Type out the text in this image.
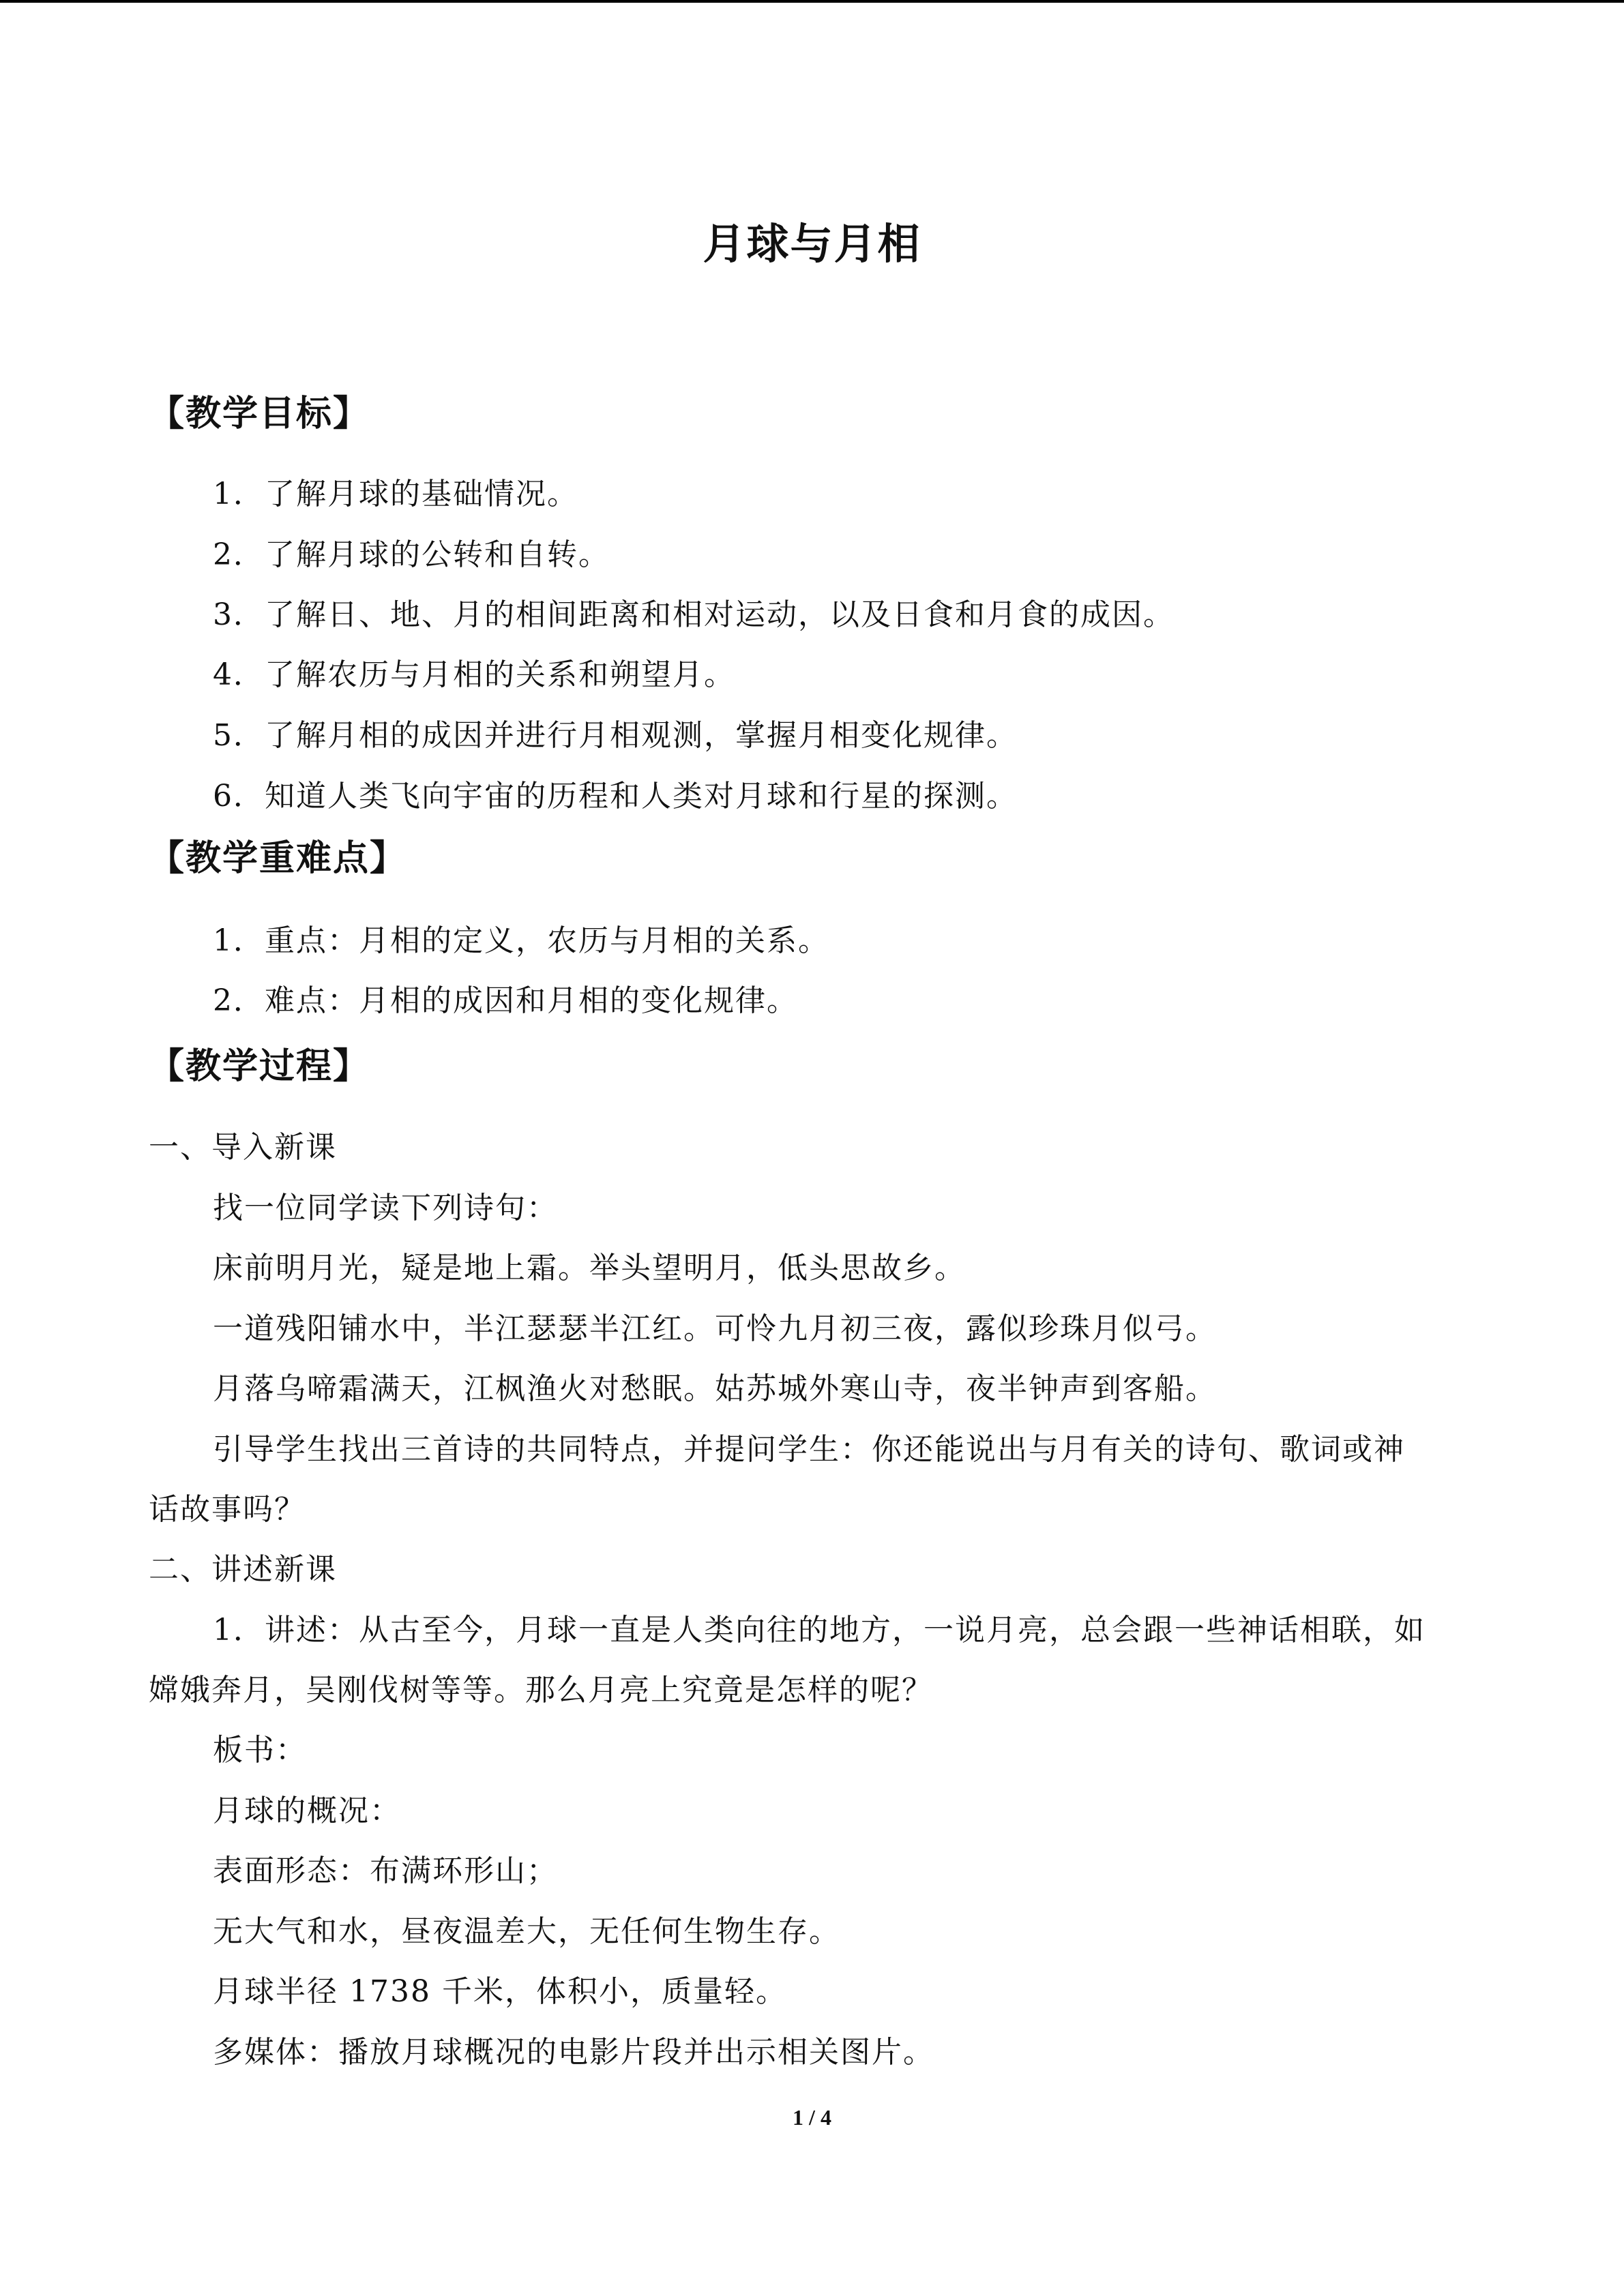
月球与月相
【教学目标】
1．了解月球的基础情况。
2．了解月球的公转和自转。
3．了解日、地、月的相间距离和相对运动，以及日食和月食的成因。
4．了解农历与月相的关系和朔望月。
5．了解月相的成因并进行月相观测，掌握月相变化规律。
6．知道人类飞向宇宙的历程和人类对月球和行星的探测。
【教学重难点】
1．重点：月相的定义，农历与月相的关系。
2．难点：月相的成因和月相的变化规律。
【教学过程】
一、导入新课
找一位同学读下列诗句：
床前明月光，疑是地上霜。举头望明月，低头思故乡。
一道残阳铺水中，半江瑟瑟半江红。可怜九月初三夜，露似珍珠月似弓。
月落乌啼霜满天，江枫渔火对愁眠。姑苏城外寒山寺，夜半钟声到客船。
引导学生找出三首诗的共同特点，并提问学生：你还能说出与月有关的诗句、歌词或神
话故事吗？
二、讲述新课
1．讲述：从古至今，月球一直是人类向往的地方，一说月亮，总会跟一些神话相联，如
嫦娥奔月，吴刚伐树等等。那么月亮上究竟是怎样的呢？
板书：
月球的概况：
表面形态：布满环形山；
无大气和水，昼夜温差大，无任何生物生存。
月球半径 1738 千米，体积小，质量轻。
多媒体：播放月球概况的电影片段并出示相关图片。
1 / 4
